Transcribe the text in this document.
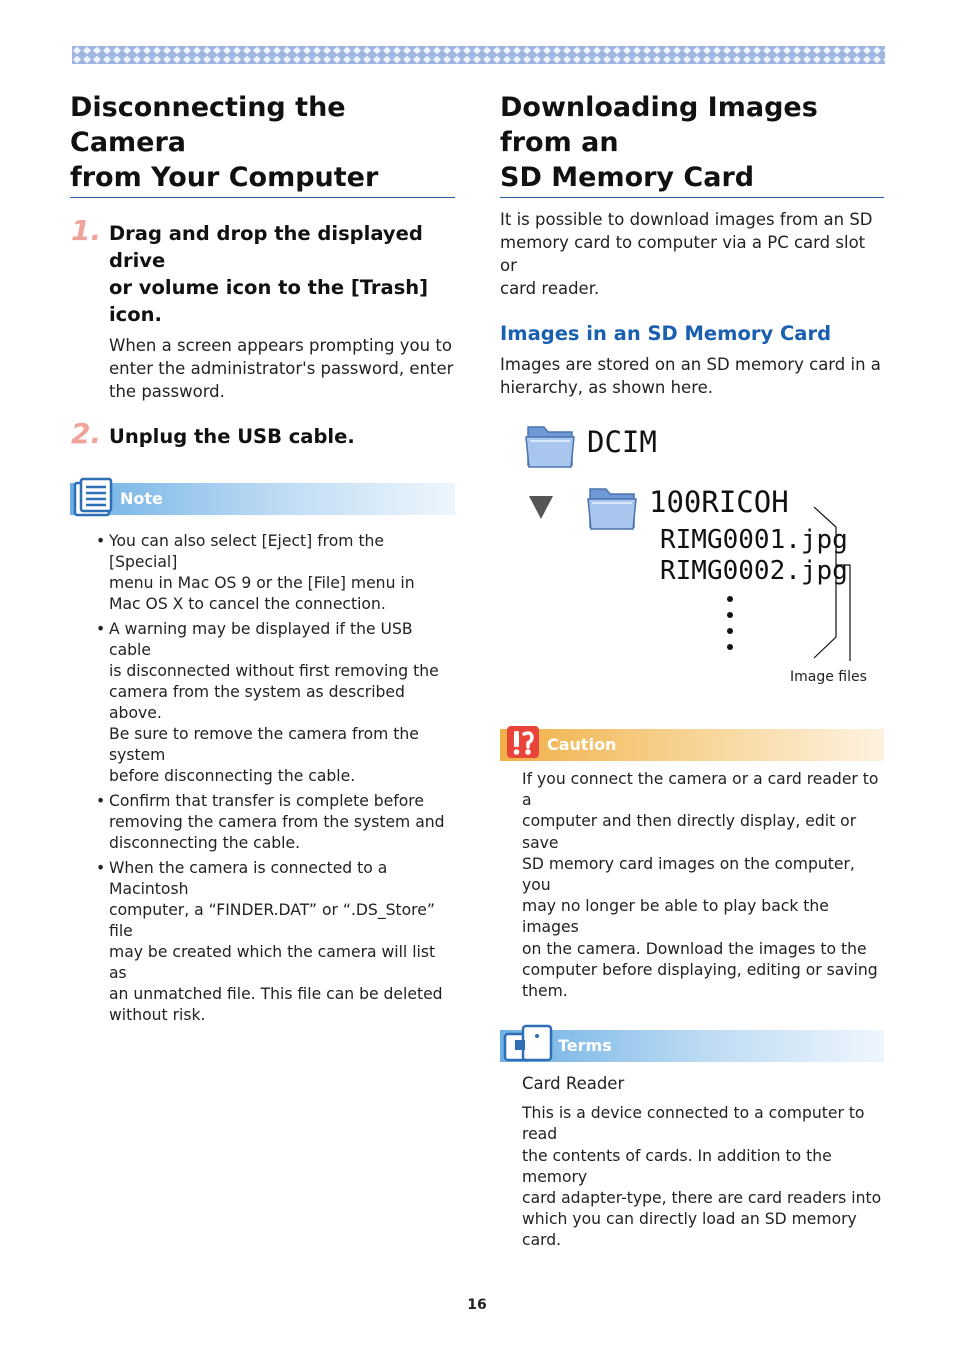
Disconnecting the Camera
from Your Computer
1. Drag and drop the displayed drive
or volume icon to the [Trash] icon.
When a screen appears prompting you to
enter the administrator's password, enter
the password.
2. Unplug the USB cable.
Note
• You can also select [Eject] from the [Special]
menu in Mac OS 9 or the [File] menu in
Mac OS X to cancel the connection.
• A warning may be displayed if the USB cable
is disconnected without first removing the
camera from the system as described above.
Be sure to remove the camera from the system
before disconnecting the cable.
• Confirm that transfer is complete before
removing the camera from the system and
disconnecting the cable.
• When the camera is connected to a Macintosh
computer, a “FINDER.DAT” or “.DS_Store” file
may be created which the camera will list as
an unmatched file. This file can be deleted
without risk.
Downloading Images from an
SD Memory Card
It is possible to download images from an SD
memory card to computer via a PC card slot or
card reader.
Images in an SD Memory Card
Images are stored on an SD memory card in a
hierarchy, as shown here.
DCIM
100RICOH
RIMG0001.jpg
RIMG0002.jpg
Image files
Caution
If you connect the camera or a card reader to a
computer and then directly display, edit or save
SD memory card images on the computer, you
may no longer be able to play back the images
on the camera. Download the images to the
computer before displaying, editing or saving
them.
Terms
Card Reader
This is a device connected to a computer to read
the contents of cards. In addition to the memory
card adapter-type, there are card readers into
which you can directly load an SD memory card.
16
